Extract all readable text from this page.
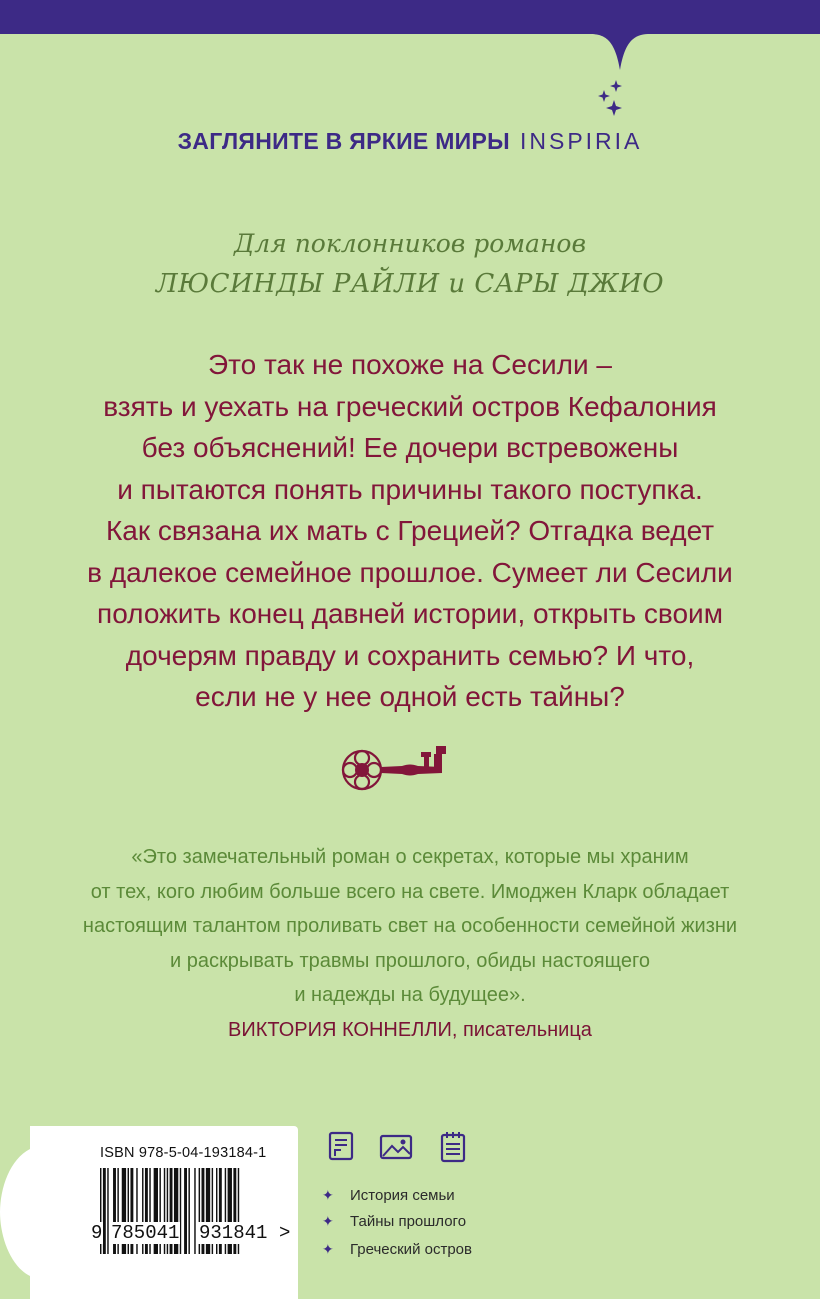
ЗАГЛЯНИТЕ В ЯРКИЕ МИРЫ INSPIRIA
Для поклонников романов
ЛЮСИНДЫ РАЙЛИ и САРЫ ДЖИО
Это так не похоже на Сесили –
взять и уехать на греческий остров Кефалония
без объяснений! Ее дочери встревожены
и пытаются понять причины такого поступка.
Как связана их мать с Грецией? Отгадка ведет
в далекое семейное прошлое. Сумеет ли Сесили
положить конец давней истории, открыть своим
дочерям правду и сохранить семью? И что,
если не у нее одной есть тайны?
«Это замечательный роман о секретах, которые мы храним
от тех, кого любим больше всего на свете. Имоджен Кларк обладает
настоящим талантом проливать свет на особенности семейной жизни
и раскрывать травмы прошлого, обиды настоящего
и надежды на будущее».
ВИКТОРИЯ КОННЕЛЛИ, писательница
ISBN 978-5-04-193184-1
9 785041 931841 >
✦ История семьи
✦ Тайны прошлого
✦ Греческий остров
